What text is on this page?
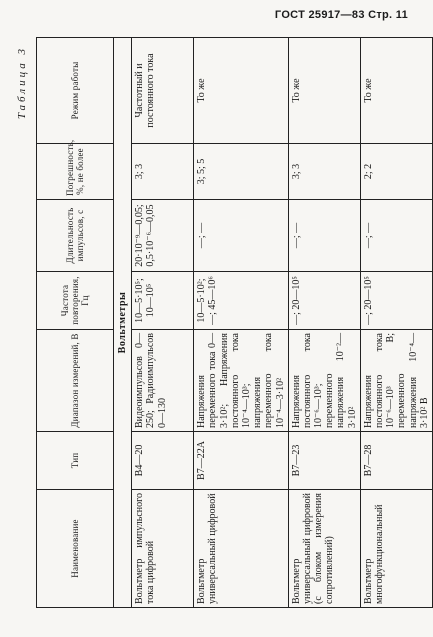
ГОСТ 25917—83 Стр. 11
Таблица 3
Наименование	Тип	Диапазон измерений, В	Частота повторения, Гц	Длительность импульсов, с	Погрешность, %, не более	Режим работы
Вольтметры						
Вольтметр импульсного тока цифровой	В4—20	Видеоимпульсов 0—250; Радиоимпульсов 0—130	10—5·10⁵; 10—10⁵	20·10⁻⁹—0,05; 0,5·10⁻⁶—0,05	3; 3	Частотный и постоянного тока
Вольтметр универсальный цифровой	В7—22А	Напряжения переменного тока 0—3·10²; Напряжения постоянного тока 10⁻⁴—10³; напряжения переменного тока 10⁻⁴—3·10²	10—5·10²; —; 45—10⁶	—; —	3; 5; 5	То же
Вольтметр универсальный цифровой (с блоком измерения сопротивлений)	В7—23	Напряжения постоянного тока 10⁻⁶—10³; переменного напряжения 10⁻²—3·10²	—; 20—10⁵	—; —	3; 3	То же
Вольтметр многофункциональный	В7—28	Напряжения постоянного тока 10⁻⁶—10³ В; переменного напряжения 10⁻⁴—3·10² В	—; 20—10⁵	—; —	2; 2	То же
